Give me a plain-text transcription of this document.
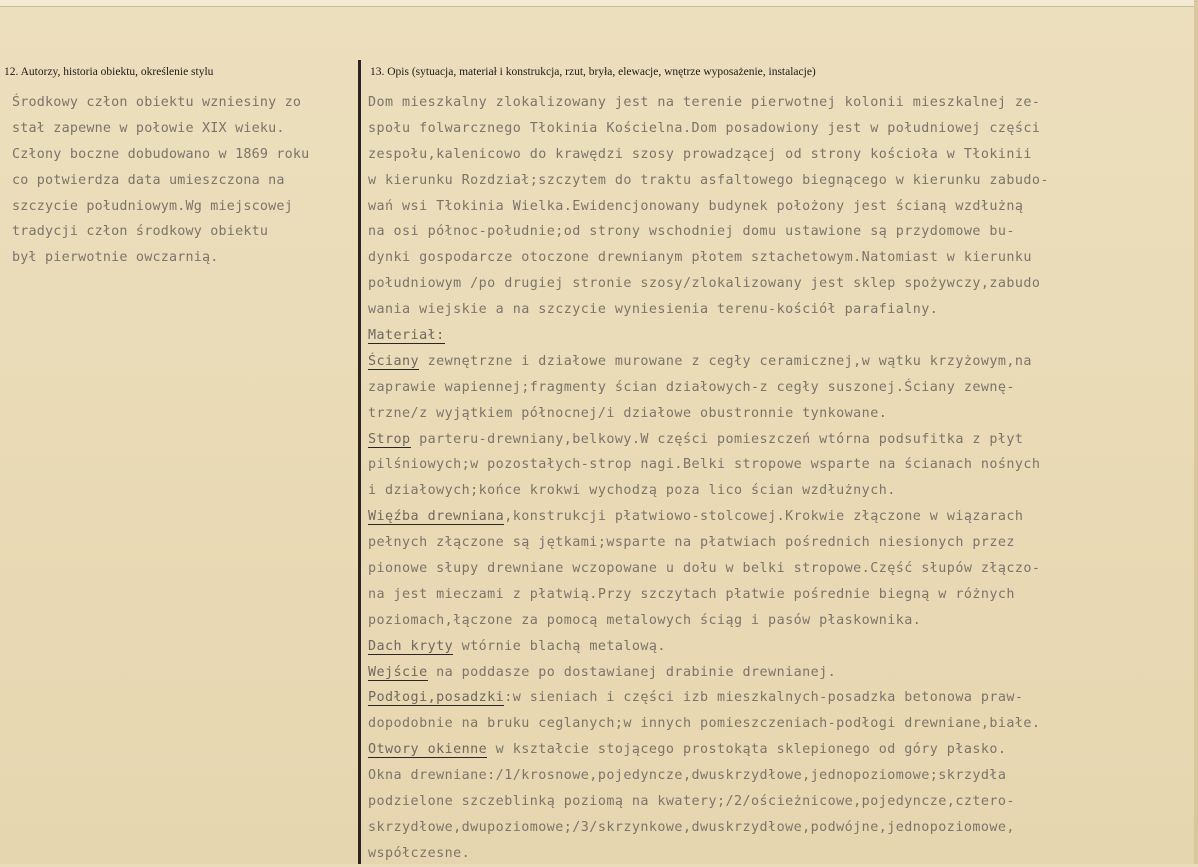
12. Autorzy, historia obiektu, określenie stylu	13. Opis (sytuacja, materiał i konstrukcja, rzut, bryła, elewacje, wnętrze wyposażenie, instalacje)
Środkowy człon obiektu wzniesiny zo
stał zapewne w połowie XIX wieku.
Człony boczne dobudowano w 1869 roku
co potwierdza data umieszczona na
szczycie południowym.Wg miejscowej
tradycji człon środkowy obiektu
był pierwotnie owczarnią.
Dom mieszkalny zlokalizowany jest na terenie pierwotnej kolonii mieszkalnej ze-
społu folwarcznego Tłokinia Kościelna.Dom posadowiony jest w południowej części
zespołu,kalenicowo do krawędzi szosy prowadzącej od strony kościoła w Tłokinii
w kierunku Rozdział;szczytem do traktu asfaltowego biegnącego w kierunku zabudo-
wań wsi Tłokinia Wielka.Ewidencjonowany budynek położony jest ścianą wzdłużną
na osi północ-południe;od strony wschodniej domu ustawione są przydomowe bu-
dynki gospodarcze otoczone drewnianym płotem sztachetowym.Natomiast w kierunku
południowym /po drugiej stronie szosy/zlokalizowany jest sklep spożywczy,zabudo
wania wiejskie a na szczycie wyniesienia terenu-kościół parafialny.
Materiał:
Ściany zewnętrzne i działowe murowane z cegły ceramicznej,w wątku krzyżowym,na
zaprawie wapiennej;fragmenty ścian działowych-z cegły suszonej.Ściany zewnę-
trzne/z wyjątkiem północnej/i działowe obustronnie tynkowane.
Strop parteru-drewniany,belkowy.W części pomieszczeń wtórna podsufitka z płyt
pilśniowych;w pozostałych-strop nagi.Belki stropowe wsparte na ścianach nośnych
i działowych;końce krokwi wychodzą poza lico ścian wzdłużnych.
Więźba drewniana,konstrukcji płatwiowo-stolcowej.Krokwie złączone w wiązarach
pełnych złączone są jętkami;wsparte na płatwiach pośrednich niesionych przez
pionowe słupy drewniane wczopowane u dołu w belki stropowe.Część słupów złączo-
na jest mieczami z płatwią.Przy szczytach płatwie pośrednie biegną w różnych
poziomach,łączone za pomocą metalowych ściąg i pasów płaskownika.
Dach kryty wtórnie blachą metalową.
Wejście na poddasze po dostawianej drabinie drewnianej.
Podłogi,posadzki:w sieniach i części izb mieszkalnych-posadzka betonowa praw-
dopodobnie na bruku ceglanych;w innych pomieszczeniach-podłogi drewniane,białe.
Otwory okienne w kształcie stojącego prostokąta sklepionego od góry płasko.
Okna drewniane:/1/krosnowe,pojedyncze,dwuskrzydłowe,jednopoziomowe;skrzydła
podzielone szczeblinką poziomą na kwatery;/2/ościeżnicowe,pojedyncze,cztero-
skrzydłowe,dwupoziomowe;/3/skrzynkowe,dwuskrzydłowe,podwójne,jednopoziomowe,
współczesne.
